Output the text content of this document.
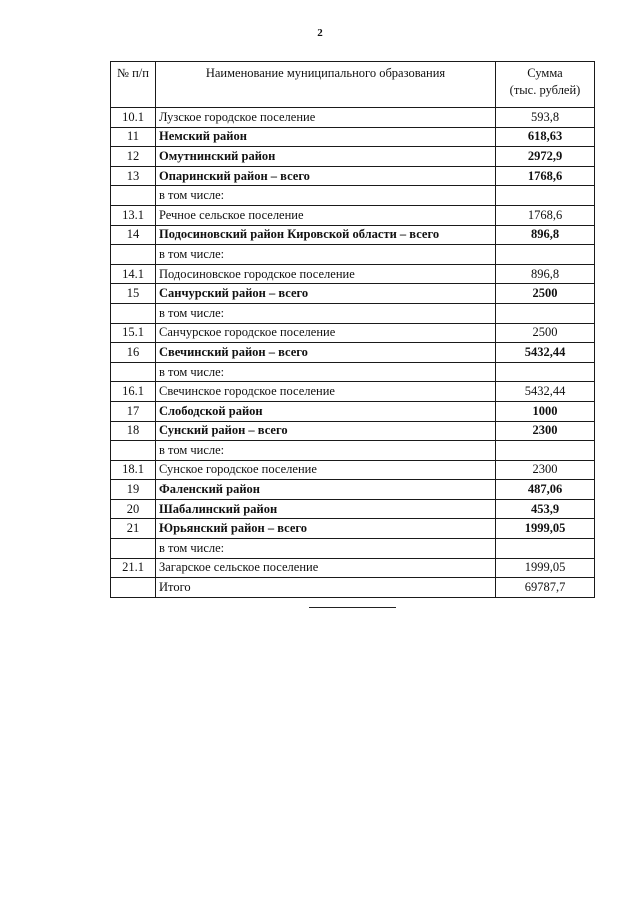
2
№ п/п	Наименование муниципального образования	Сумма
(тыс. рублей)

10.1	Лузское городское поселение	593,8
11	Немский район	618,63
12	Омутнинский район	2972,9
13	Опаринский район – всего	1768,6
	в том числе:	
13.1	Речное сельское поселение	1768,6
14	Подосиновский район Кировской области – всего	896,8
	в том числе:	
14.1	Подосиновское городское поселение	896,8
15	Санчурский район – всего	2500
	в том числе:	
15.1	Санчурское городское поселение	2500
16	Свечинский район – всего	5432,44
	в том числе:	
16.1	Свечинское городское поселение	5432,44
17	Слободской район	1000
18	Сунский район – всего	2300
	в том числе:	
18.1	Сунское городское поселение	2300
19	Фаленский район	487,06
20	Шабалинский район	453,9
21	Юрьянский район – всего	1999,05
	в том числе:	
21.1	Загарское сельское поселение	1999,05
	Итого	69787,7
